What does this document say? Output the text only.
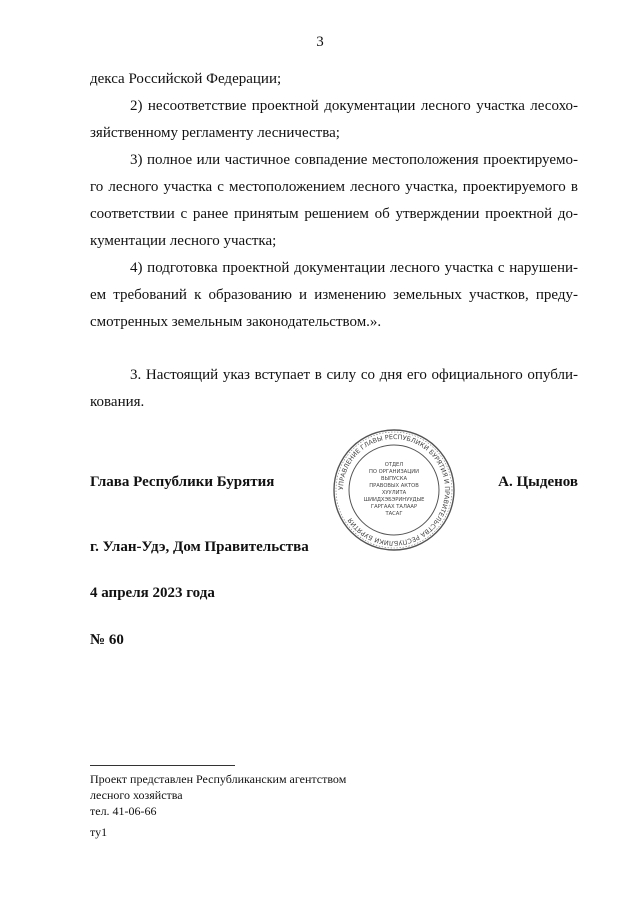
3
декса Российской Федерации;
2) несоответствие проектной документации лесного участка лесохо-
зяйственному регламенту лесничества;
3) полное или частичное совпадение местоположения проектируемо-
го лесного участка с местоположением лесного участка, проектируемого в
соответствии с ранее принятым решением об утверждении проектной до-
кументации лесного участка;
4) подготовка проектной документации лесного участка с нарушени-
ем требований к образованию и изменению земельных участков, преду-
смотренных земельным законодательством.».
3. Настоящий указ вступает в силу со дня его официального опубли-
кования.
Глава Республики Бурятия	А. Цыденов
УПРАВЛЕНИЕ ГЛАВЫ РЕСПУБЛИКИ БУРЯТИЯ И ПРАВИТЕЛЬСТВА РЕСПУБЛИКИ БУРЯТИЯ
ОТДЕЛ
ПО ОРГАНИЗАЦИИ
ВЫПУСКА
ПРАВОВЫХ АКТОВ
ХУУЛИТА
ШИИДХЭБЭРИНУУДЫЕ
ГАРГААХ ТАЛААР
ТАСАГ
г. Улан-Удэ, Дом Правительства
4 апреля 2023 года
№ 60
Проект представлен Республиканским агентством
лесного хозяйства
тел. 41-06-66
ту1
